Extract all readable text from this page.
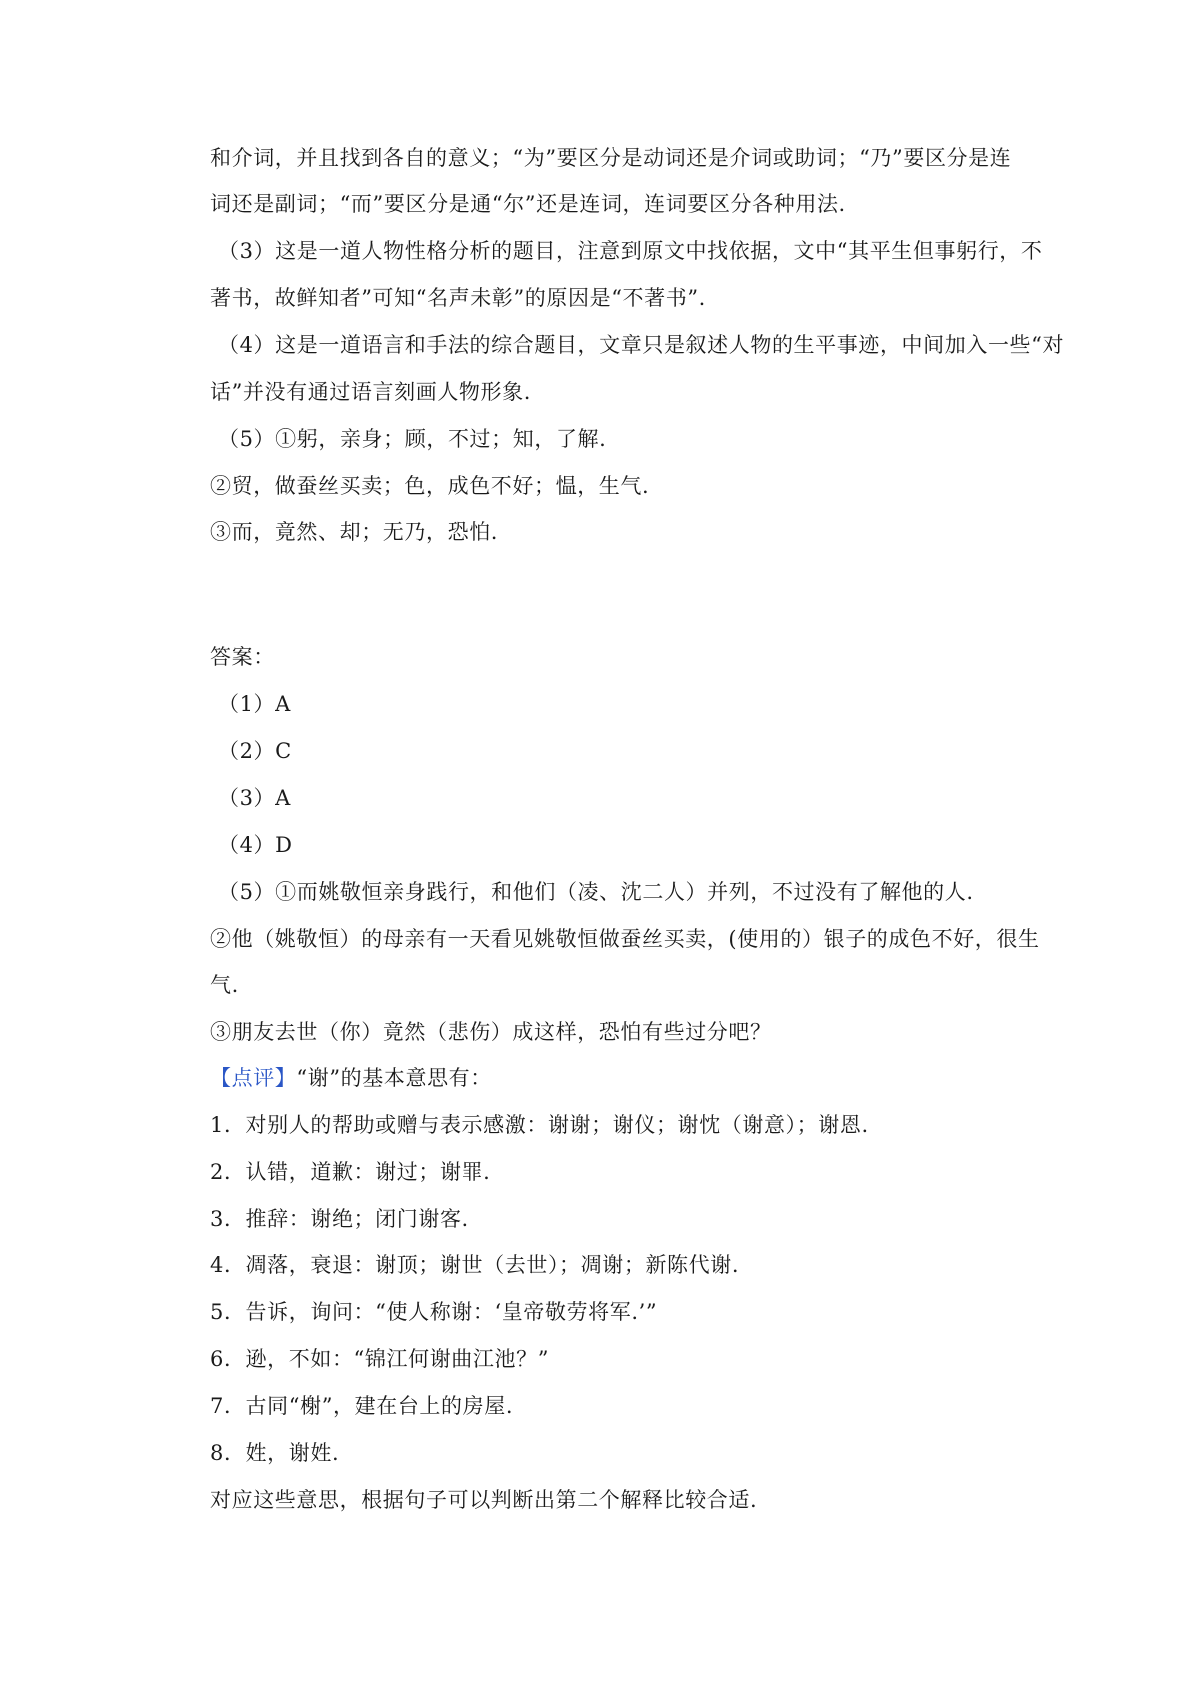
和介词，并且找到各自的意义；“为”要区分是动词还是介词或助词；“乃”要区分是连
词还是副词；“而”要区分是通“尔”还是连词，连词要区分各种用法.
（3）这是一道人物性格分析的题目，注意到原文中找依据，文中“其平生但事躬行，不
著书，故鲜知者”可知“名声未彰”的原因是“不著书”.
（4）这是一道语言和手法的综合题目，文章只是叙述人物的生平事迹，中间加入一些“对
话”并没有通过语言刻画人物形象.
（5）①躬，亲身；顾，不过；知，了解.
②贸，做蚕丝买卖；色，成色不好；愠，生气.
③而，竟然、却；无乃，恐怕.
答案：
（1）A
（2）C
（3）A
（4）D
（5）①而姚敬恒亲身践行，和他们（凌、沈二人）并列，不过没有了解他的人.
②他（姚敬恒）的母亲有一天看见姚敬恒做蚕丝买卖，(使用的）银子的成色不好，很生
气.
③朋友去世（你）竟然（悲伤）成这样，恐怕有些过分吧？
【点评】“谢”的基本意思有：
1．对别人的帮助或赠与表示感激：谢谢；谢仪；谢忱（谢意）；谢恩.
2．认错，道歉：谢过；谢罪.
3．推辞：谢绝；闭门谢客.
4．凋落，衰退：谢顶；谢世（去世）；凋谢；新陈代谢.
5．告诉，询问：“使人称谢：‘皇帝敬劳将军.’”
6．逊，不如：“锦江何谢曲江池？”
7．古同“榭”，建在台上的房屋.
8．姓，谢姓.
对应这些意思，根据句子可以判断出第二个解释比较合适.
